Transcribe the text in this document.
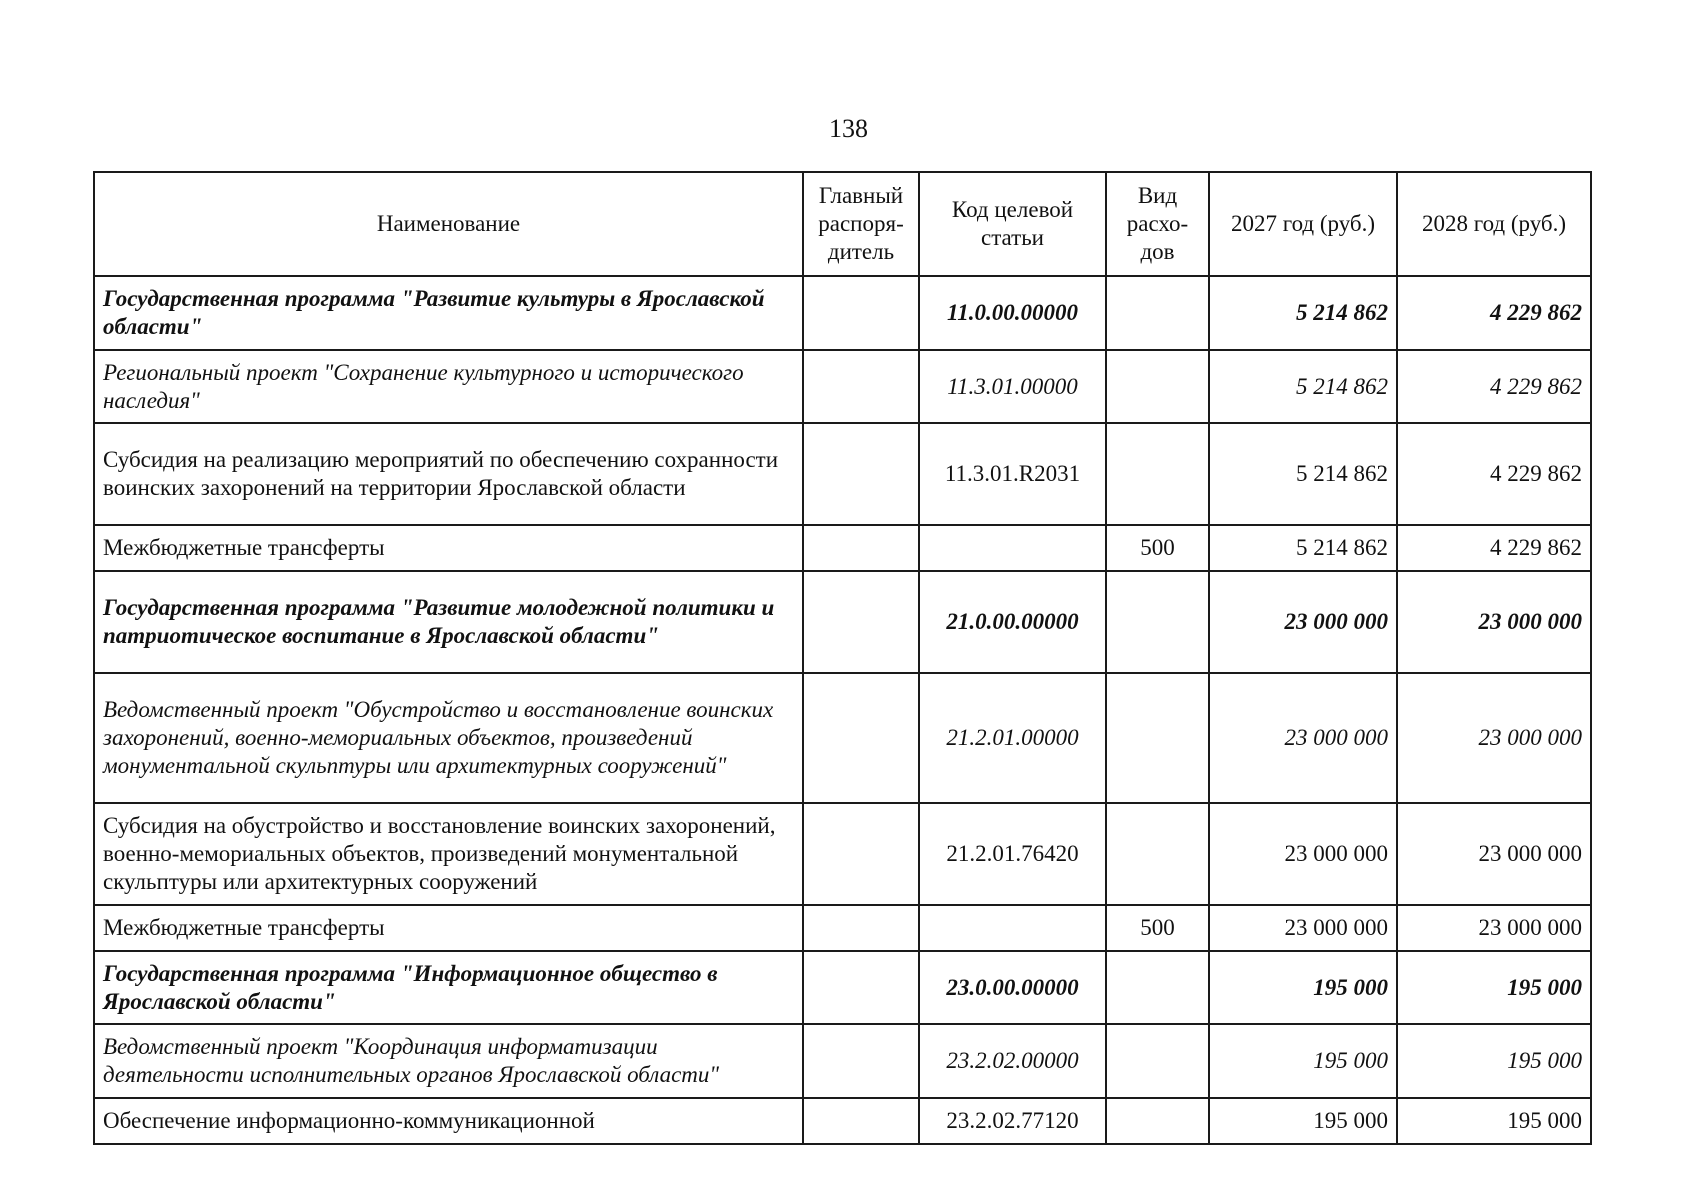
138
Наименование	Главный распоря- дитель	Код целевой статьи	Вид расхо- дов	2027 год (руб.)	2028 год (руб.)
Государственная программа "Развитие культуры в Ярославской области"		11.0.00.00000		5 214 862	4 229 862
Региональный проект "Сохранение культурного и исторического наследия"		11.3.01.00000		5 214 862	4 229 862
Субсидия на реализацию мероприятий по обеспечению сохранности воинских захоронений на территории Ярославской области		11.3.01.R2031		5 214 862	4 229 862
Межбюджетные трансферты			500	5 214 862	4 229 862
Государственная программа "Развитие молодежной политики и патриотическое воспитание в Ярославской области"		21.0.00.00000		23 000 000	23 000 000
Ведомственный проект "Обустройство и восстановление воинских захоронений, военно-мемориальных объектов, произведений монументальной скульптуры или архитектурных сооружений"		21.2.01.00000		23 000 000	23 000 000
Субсидия на обустройство и восстановление воинских захоронений, военно-мемориальных объектов, произведений монументальной скульптуры или архитектурных сооружений		21.2.01.76420		23 000 000	23 000 000
Межбюджетные трансферты			500	23 000 000	23 000 000
Государственная программа "Информационное общество в Ярославской области"		23.0.00.00000		195 000	195 000
Ведомственный проект "Координация информатизации деятельности исполнительных органов Ярославской области"		23.2.02.00000		195 000	195 000
Обеспечение информационно-коммуникационной		23.2.02.77120		195 000	195 000
